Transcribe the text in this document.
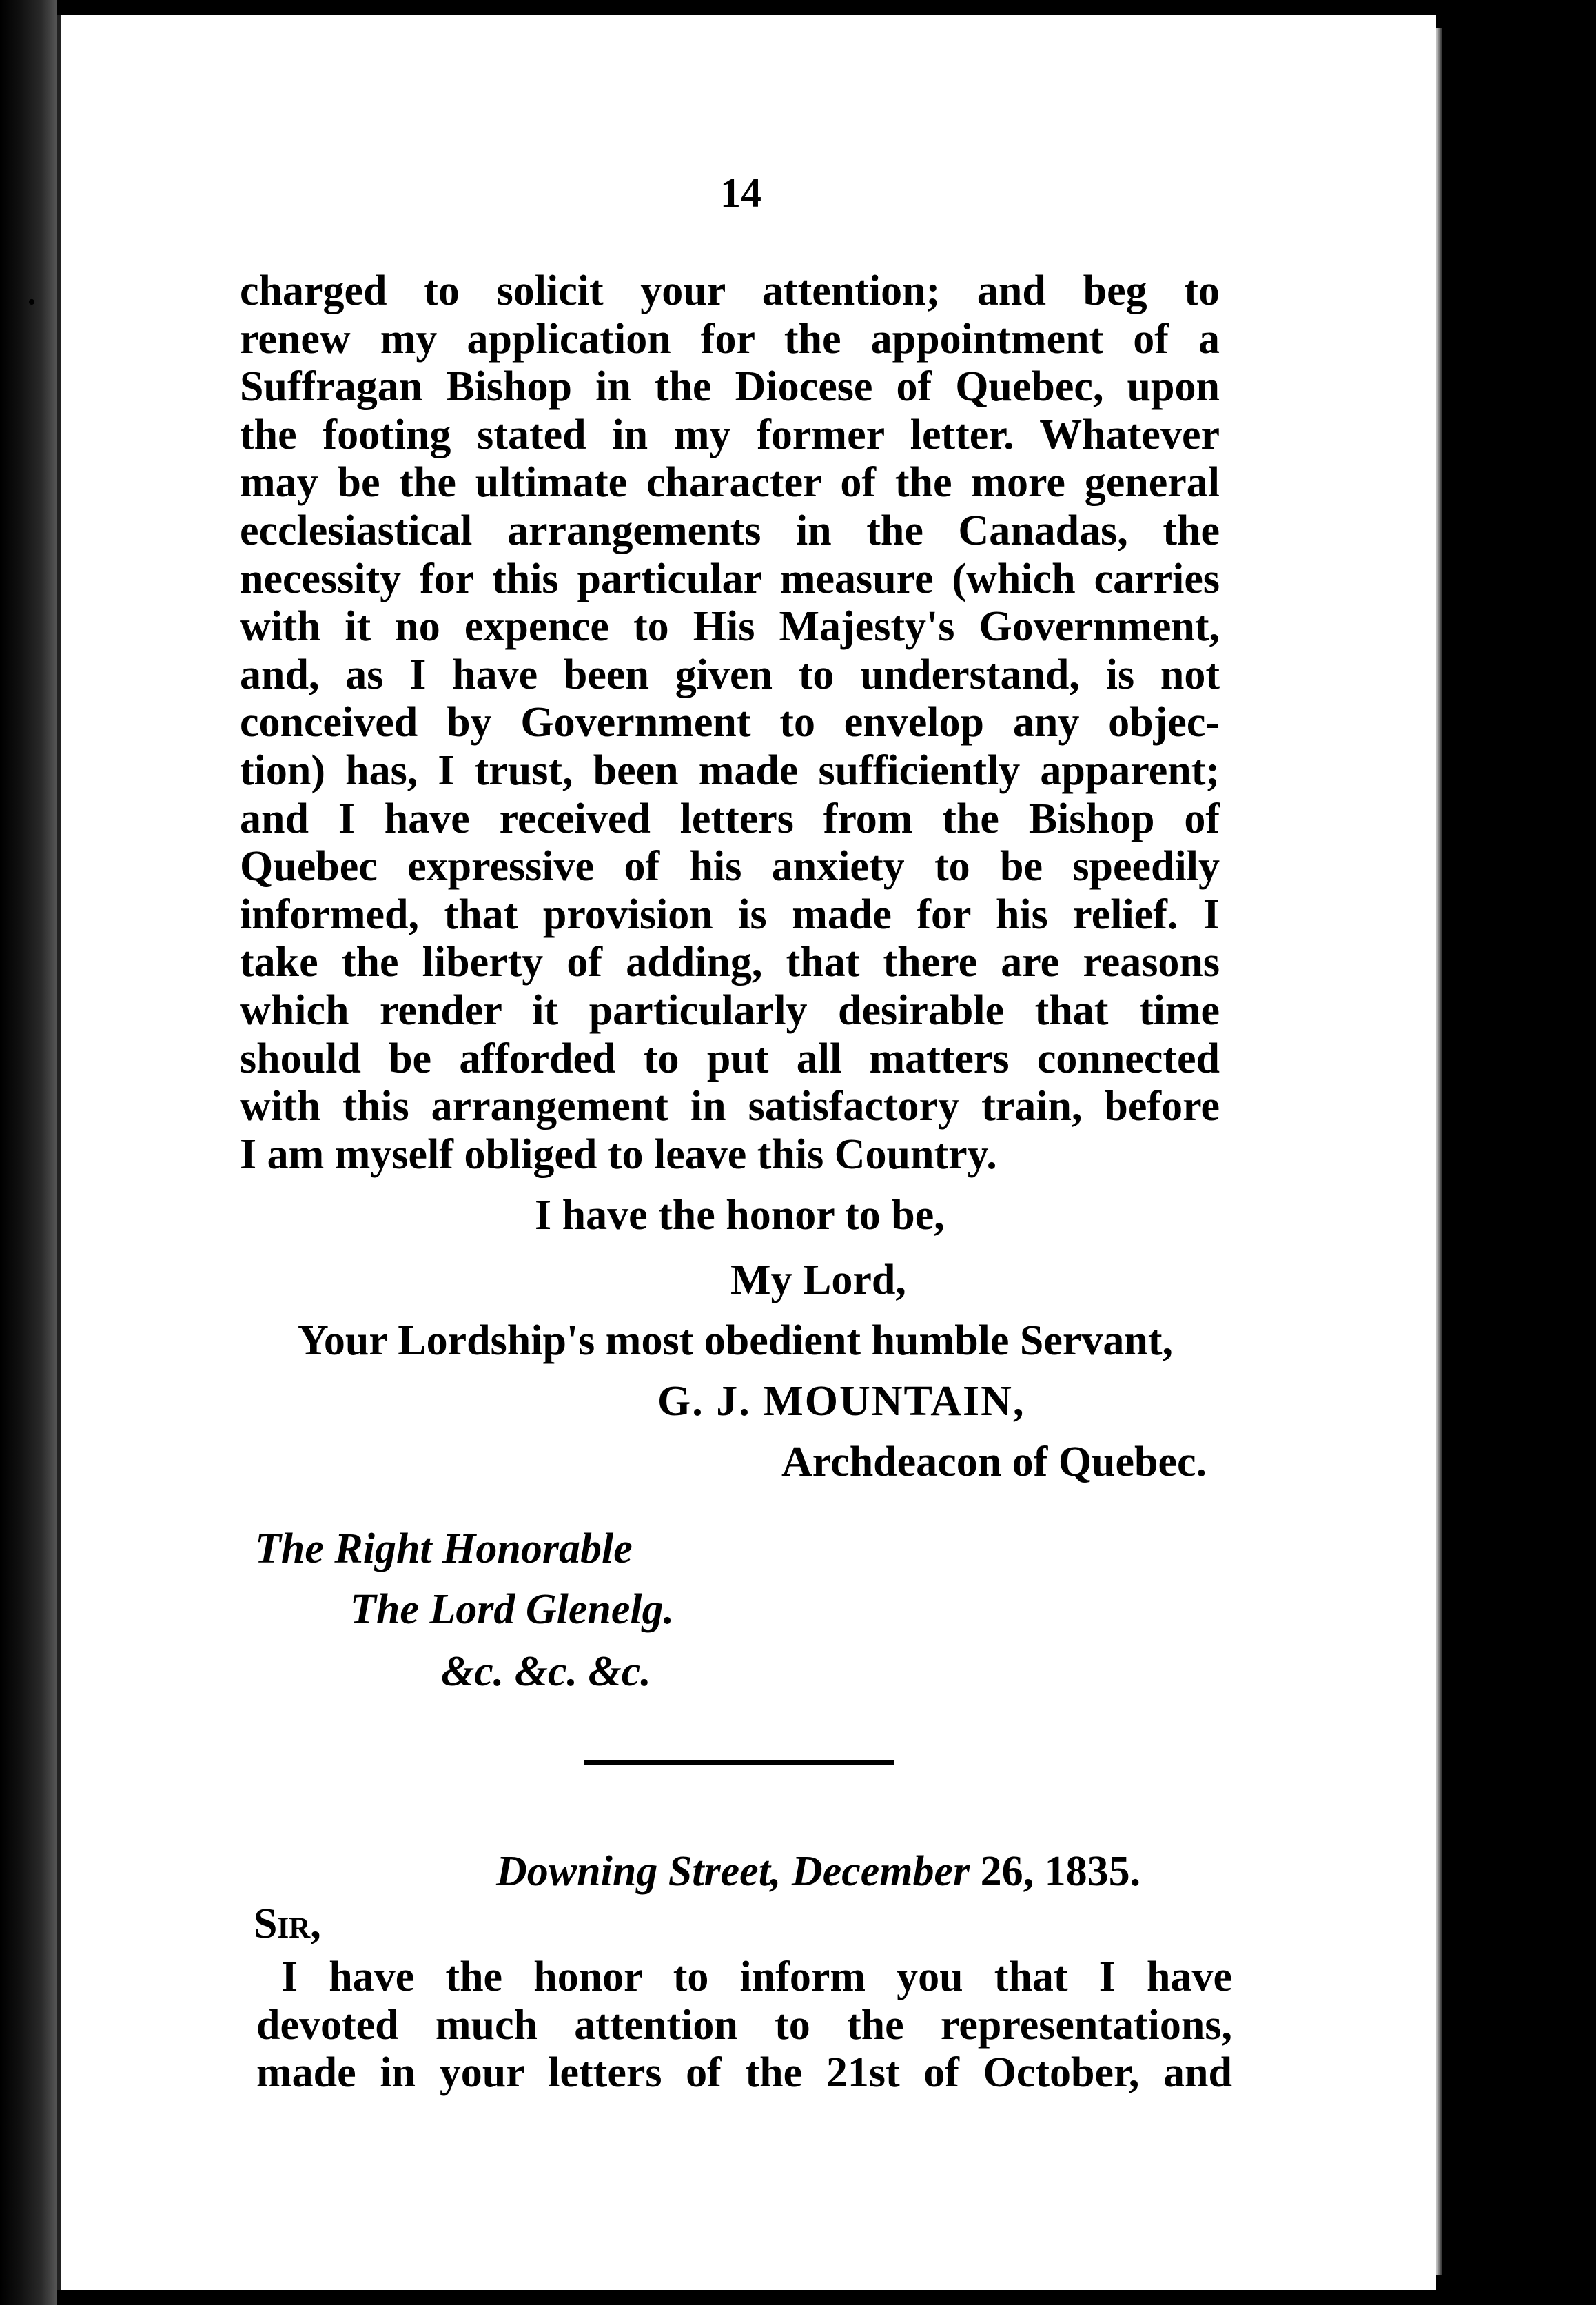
•
•
-
14
charged to solicit your attention; and beg to
renew my application for the appointment of a
Suffragan Bishop in the Diocese of Quebec, upon
the footing stated in my former letter. Whatever
may be the ultimate character of the more general
ecclesiastical arrangements in the Canadas, the
necessity for this particular measure (which carries
with it no expence to His Majesty's Government,
and, as I have been given to understand, is not
conceived by Government to envelop any objec-
tion) has, I trust, been made sufficiently apparent;
and I have received letters from the Bishop of
Quebec expressive of his anxiety to be speedily
informed, that provision is made for his relief. I
take the liberty of adding, that there are reasons
which render it particularly desirable that time
should be afforded to put all matters connected
with this arrangement in satisfactory train, before
I am myself obliged to leave this Country.
I have the honor to be,
My Lord,
Your Lordship's most obedient humble Servant,
G. J. MOUNTAIN,
Archdeacon of Quebec.
The Right Honorable
The Lord Glenelg.
&c. &c. &c.
Downing Street, December 26, 1835.
Sir,
I have the honor to inform you that I have
devoted much attention to the representations,
made in your letters of the 21st of October, and
